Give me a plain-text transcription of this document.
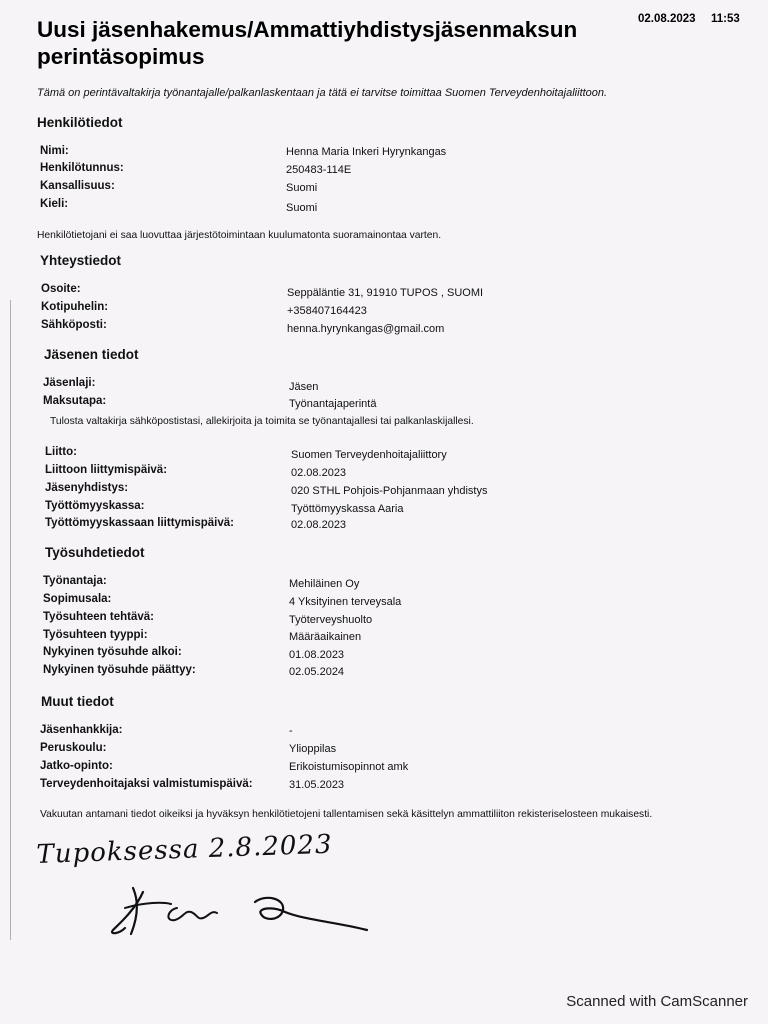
Uusi jäsenhakemus/Ammattiyhdistysjäsenmaksun perintäsopimus
02.08.2023 11:53
Tämä on perintävaltakirja työnantajalle/palkanlaskentaan ja tätä ei tarvitse toimittaa Suomen Terveydenhoitajaliittoon.
Henkilötiedot
Nimi:	Henna Maria Inkeri Hyrynkangas
Henkilötunnus:	250483-114E
Kansallisuus:	Suomi
Kieli:	Suomi
Henkilötietojani ei saa luovuttaa järjestötoimintaan kuulumatonta suoramainontaa varten.
Yhteystiedot
Osoite:	Seppäläntie 31, 91910 TUPOS , SUOMI
Kotipuhelin:	+358407164423
Sähköposti:	henna.hyrynkangas@gmail.com
Jäsenen tiedot
Jäsenlaji:	Jäsen
Maksutapa:	Työnantajaperintä
Tulosta valtakirja sähköpostistasi, allekirjoita ja toimita se työnantajallesi tai palkanlaskijallesi.
Liitto:	Suomen Terveydenhoitajaliittory
Liittoon liittymispäivä:	02.08.2023
Jäsenyhdistys:	020 STHL Pohjois-Pohjanmaan yhdistys
Työttömyyskassa:	Työttömyyskassa Aaria
Työttömyyskassaan liittymispäivä:	02.08.2023
Työsuhdetiedot
Työnantaja:	Mehiläinen Oy
Sopimusala:	4 Yksityinen terveysala
Työsuhteen tehtävä:	Työterveyshuolto
Työsuhteen tyyppi:	Määräaikainen
Nykyinen työsuhde alkoi:	01.08.2023
Nykyinen työsuhde päättyy:	02.05.2024
Muut tiedot
Jäsenhankkija:	-
Peruskoulu:	Ylioppilas
Jatko-opinto:	Erikoistumisopinnot amk
Terveydenhoitajaksi valmistumispäivä:	31.05.2023
Vakuutan antamani tiedot oikeiksi ja hyväksyn henkilötietojeni tallentamisen sekä käsittelyn ammattiliiton rekisteriselosteen mukaisesti.
Tupoksessa 2.8.2023
Scanned with CamScanner
